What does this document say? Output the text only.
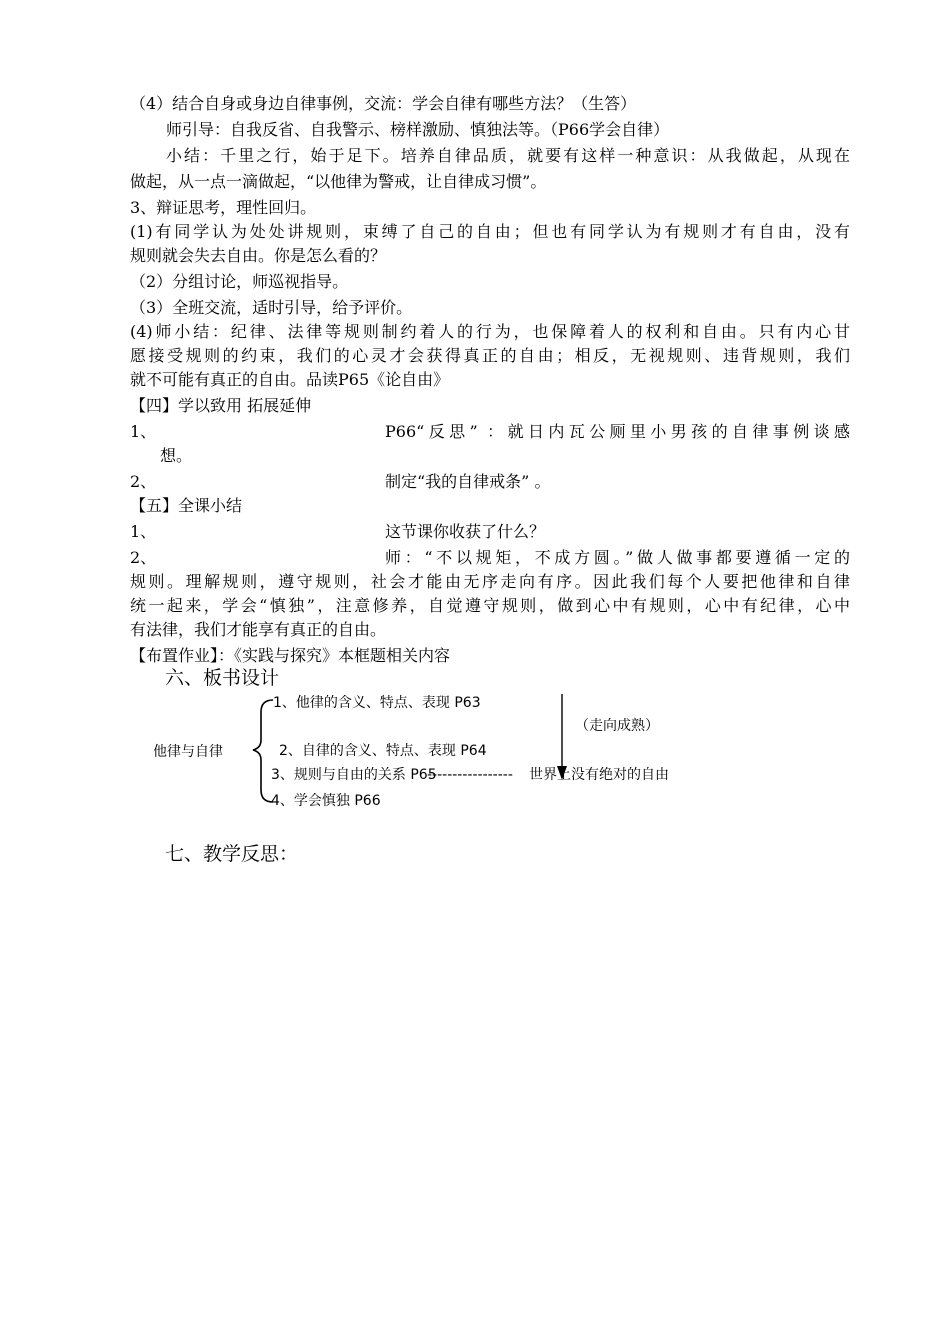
（4）结合自身或身边自律事例，交流：学会自律有哪些方法？（生答）
师引导：自我反省、自我警示、榜样激励、慎独法等。（P66学会自律）
小结：千里之行，始于足下。培养自律品质，就要有这样一种意识：从我做起，从现在
做起，从一点一滴做起，“以他律为警戒，让自律成习惯”。
3、辩证思考，理性回归。
(1)有同学认为处处讲规则，束缚了自己的自由；但也有同学认为有规则才有自由，没有
规则就会失去自由。你是怎么看的？
（2）分组讨论，师巡视指导。
（3）全班交流，适时引导，给予评价。
(4)师小结：纪律、法律等规则制约着人的行为，也保障着人的权利和自由。只有内心甘
愿接受规则的约束，我们的心灵才会获得真正的自由；相反，无视规则、违背规则，我们
就不可能有真正的自由。品读P65《论自由》
【四】学以致用 拓展延伸
1、	P66“反思” ：就日内瓦公厕里小男孩的自律事例谈感
想。
2、	制定“我的自律戒条” 。
【五】全课小结
1、	这节课你收获了什么？
2、	师：“不以规矩，不成方圆。”做人做事都要遵循一定的
规则。理解规则，遵守规则，社会才能由无序走向有序。因此我们每个人要把他律和自律
统一起来，学会“慎独”，注意修养，自觉遵守规则，做到心中有规则，心中有纪律，心中
有法律，我们才能享有真正的自由。
【布置作业】：《实践与探究》本框题相关内容
六、板书设计
他律与自律
1、他律的含义、特点、表现 P63
2、自律的含义、特点、表现 P64
3、规则与自由的关系 P65
----------------- 世界上没有绝对的自由
4、学会慎独 P66
（走向成熟）
七、教学反思：
